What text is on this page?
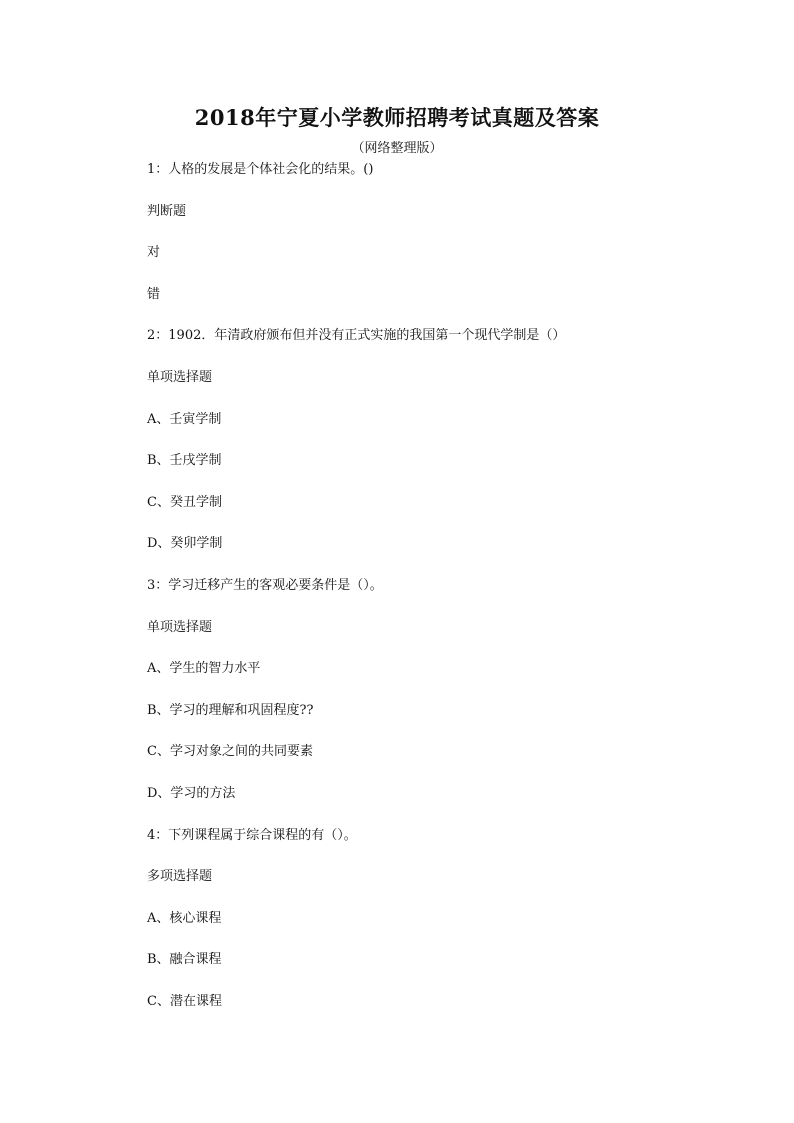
2018年宁夏小学教师招聘考试真题及答案
（网络整理版）
1：人格的发展是个体社会化的结果。()
判断题
对
错
2：1902．年清政府颁布但并没有正式实施的我国第一个现代学制是（）
单项选择题
A、壬寅学制
B、壬戌学制
C、癸丑学制
D、癸卯学制
3：学习迁移产生的客观必要条件是（）。
单项选择题
A、学生的智力水平
B、学习的理解和巩固程度??
C、学习对象之间的共同要素
D、学习的方法
4：下列课程属于综合课程的有（）。
多项选择题
A、核心课程
B、融合课程
C、潜在课程
